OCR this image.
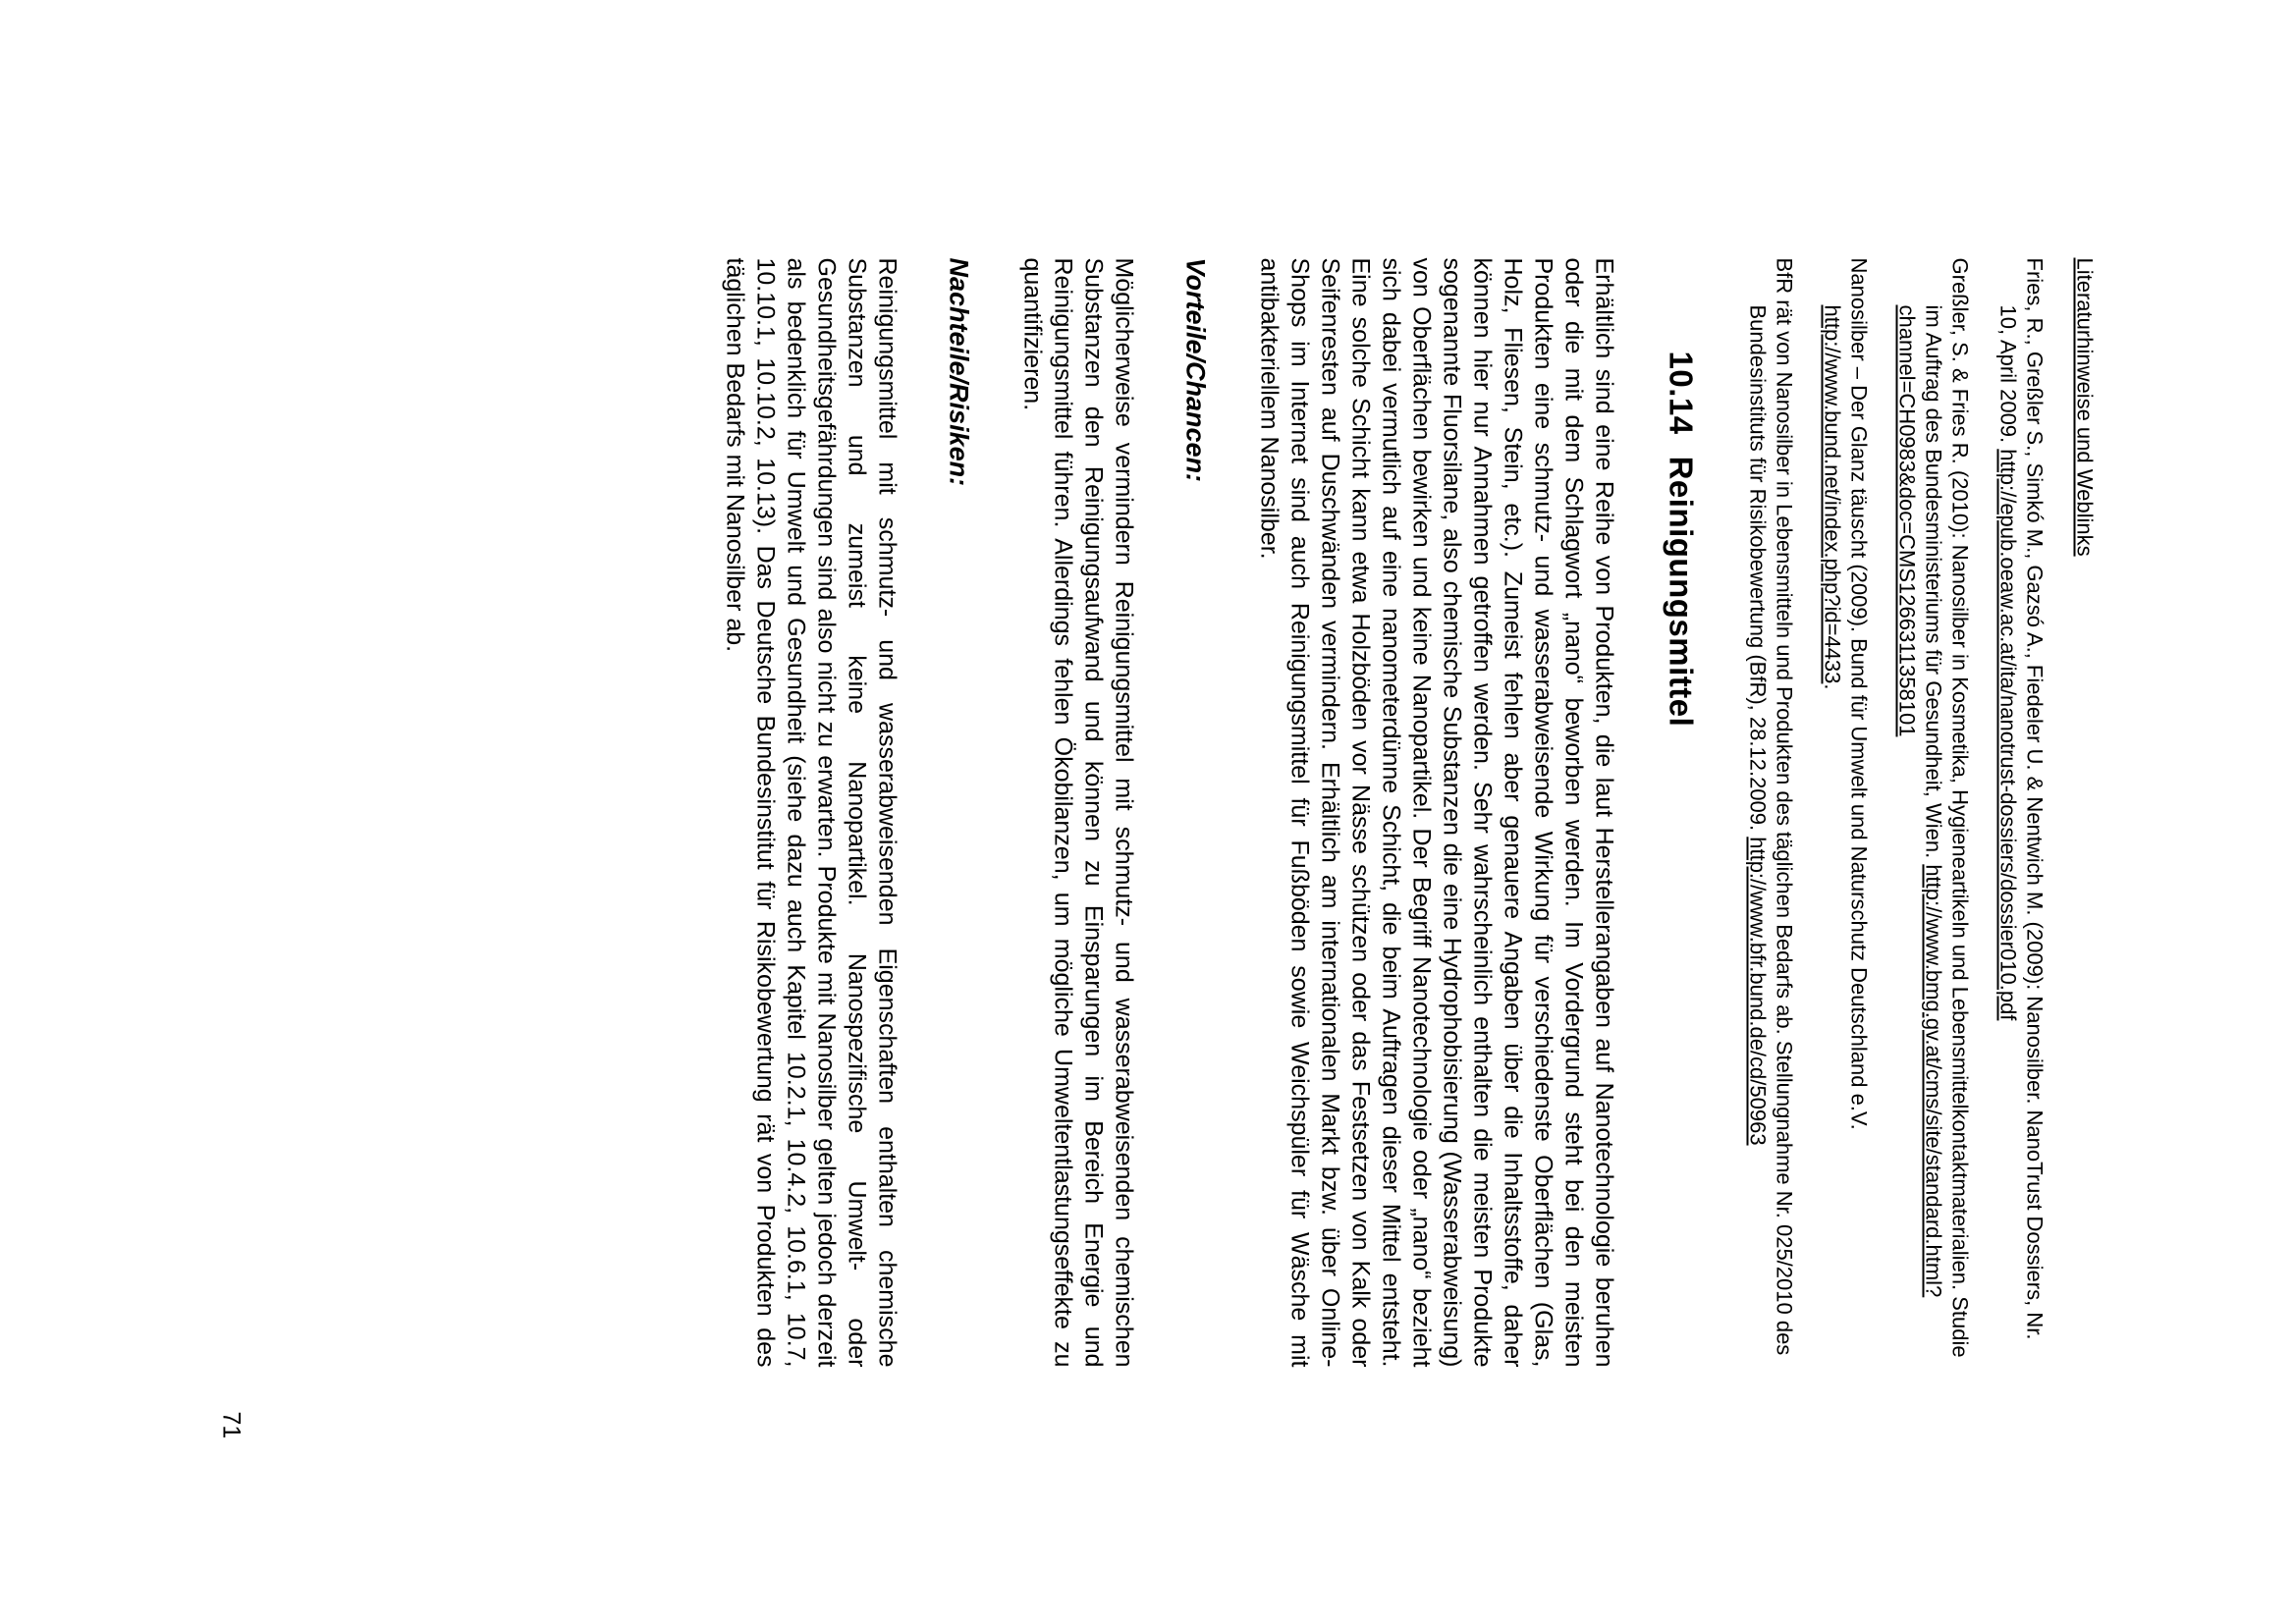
Literaturhinweise und Weblinks

Fries, R., Greßler S., Simkó M., Gazsó A., Fiedeler U. & Nentwich M. (2009): Nanosilber. NanoTrust Dossiers, Nr. 10, April 2009. http://epub.oeaw.ac.at/ita/nanotrust-dossiers/dossier010.pdf

Greßler, S. & Fries R. (2010): Nanosilber in Kosmetika, Hygieneartikeln und Lebensmittelkontaktmaterialien. Studie im Auftrag des Bundesministeriums für Gesundheit, Wien. http://www.bmg.gv.at/cms/site/standard.html?channel=CH0983&doc=CMS1266311358101

Nanosilber – Der Glanz täuscht (2009). Bund für Umwelt und Naturschutz Deutschland e.V. http://www.bund.net/index.php?id=4433.

BfR rät von Nanosilber in Lebensmitteln und Produkten des täglichen Bedarfs ab. Stellungnahme Nr. 025/2010 des Bundesinstituts für Risikobewertung (BfR), 28.12.2009. http://www.bfr.bund.de/cd/50963

10.14Reinigungsmittel

Erhältlich sind eine Reihe von Produkten, die laut Herstellerangaben auf Nanotechnologie beruhen oder die mit dem Schlagwort „nano“ beworben werden. Im Vordergrund steht bei den meisten Produkten eine schmutz- und wasserabweisende Wirkung für verschiedenste Oberflächen (Glas, Holz, Fliesen, Stein, etc.). Zumeist fehlen aber genauere Angaben über die Inhaltsstoffe, daher können hier nur Annahmen getroffen werden. Sehr wahrscheinlich enthalten die meisten Produkte sogenannte Fluorsilane, also chemische Substanzen die eine Hydrophobisierung (Wasserabweisung) von Oberflächen bewirken und keine Nanopartikel. Der Begriff Nanotechnologie oder „nano“ bezieht sich dabei vermutlich auf eine nanometerdünne Schicht, die beim Auftragen dieser Mittel entsteht. Eine solche Schicht kann etwa Holzböden vor Nässe schützen oder das Festsetzen von Kalk oder Seifenresten auf Duschwänden vermindern. Erhältlich am internationalen Markt bzw. über Online-Shops im Internet sind auch Reinigungsmittel für Fußböden sowie Weichspüler für Wäsche mit antibakteriellem Nanosilber.

Vorteile/Chancen:

Möglicherweise vermindern Reinigungsmittel mit schmutz- und wasserabweisenden chemischen Substanzen den Reinigungsaufwand und können zu Einsparungen im Bereich Energie und Reinigungsmittel führen. Allerdings fehlen Ökobilanzen, um mögliche Umweltentlastungseffekte zu quantifizieren.

Nachteile/Risiken:

Reinigungsmittel mit schmutz- und wasserabweisenden Eigenschaften enthalten chemische Substanzen und zumeist keine Nanopartikel. Nanospezifische Umwelt- oder Gesundheitsgefährdungen sind also nicht zu erwarten. Produkte mit Nanosilber gelten jedoch derzeit als bedenklich für Umwelt und Gesundheit (siehe dazu auch Kapitel 10.2.1, 10.4.2, 10.6.1, 10.7, 10.10.1, 10.10.2, 10.13). Das Deutsche Bundesinstitut für Risikobewertung rät von Produkten des täglichen Bedarfs mit Nanosilber ab.

71
